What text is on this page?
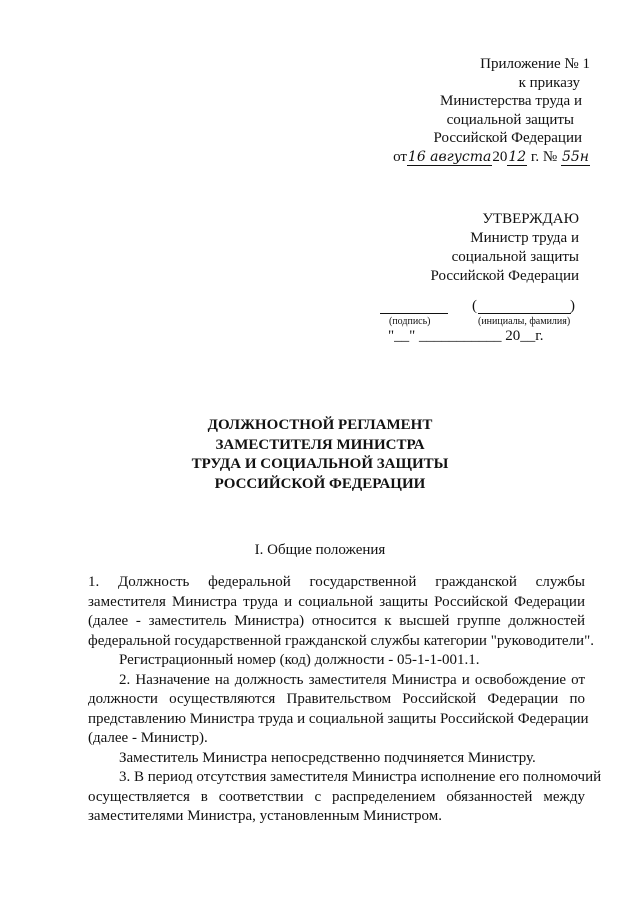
Приложение № 1
к приказу
Министерства труда и
социальной защиты
Российской Федерации
от16 августа2012 г. № 55н
УТВЕРЖДАЮ
Министр труда и
социальной защиты
Российской Федерации
(	)
(подпись)	(инициалы, фамилия)
"__" ___________ 20__г.
ДОЛЖНОСТНОЙ РЕГЛАМЕНТ
ЗАМЕСТИТЕЛЯ МИНИСТРА
ТРУДА И СОЦИАЛЬНОЙ ЗАЩИТЫ
РОССИЙСКОЙ ФЕДЕРАЦИИ
I. Общие положения
1. Должность федеральной государственной гражданской службы
заместителя Министра труда и социальной защиты Российской Федерации
(далее - заместитель Министра) относится к высшей группе должностей
федеральной государственной гражданской службы категории "руководители".
Регистрационный номер (код) должности - 05-1-1-001.1.
2. Назначение на должность заместителя Министра и освобождение от
должности осуществляются Правительством Российской Федерации по
представлению Министра труда и социальной защиты Российской Федерации
(далее - Министр).
Заместитель Министра непосредственно подчиняется Министру.
3. В период отсутствия заместителя Министра исполнение его полномочий
осуществляется в соответствии с распределением обязанностей между
заместителями Министра, установленным Министром.
